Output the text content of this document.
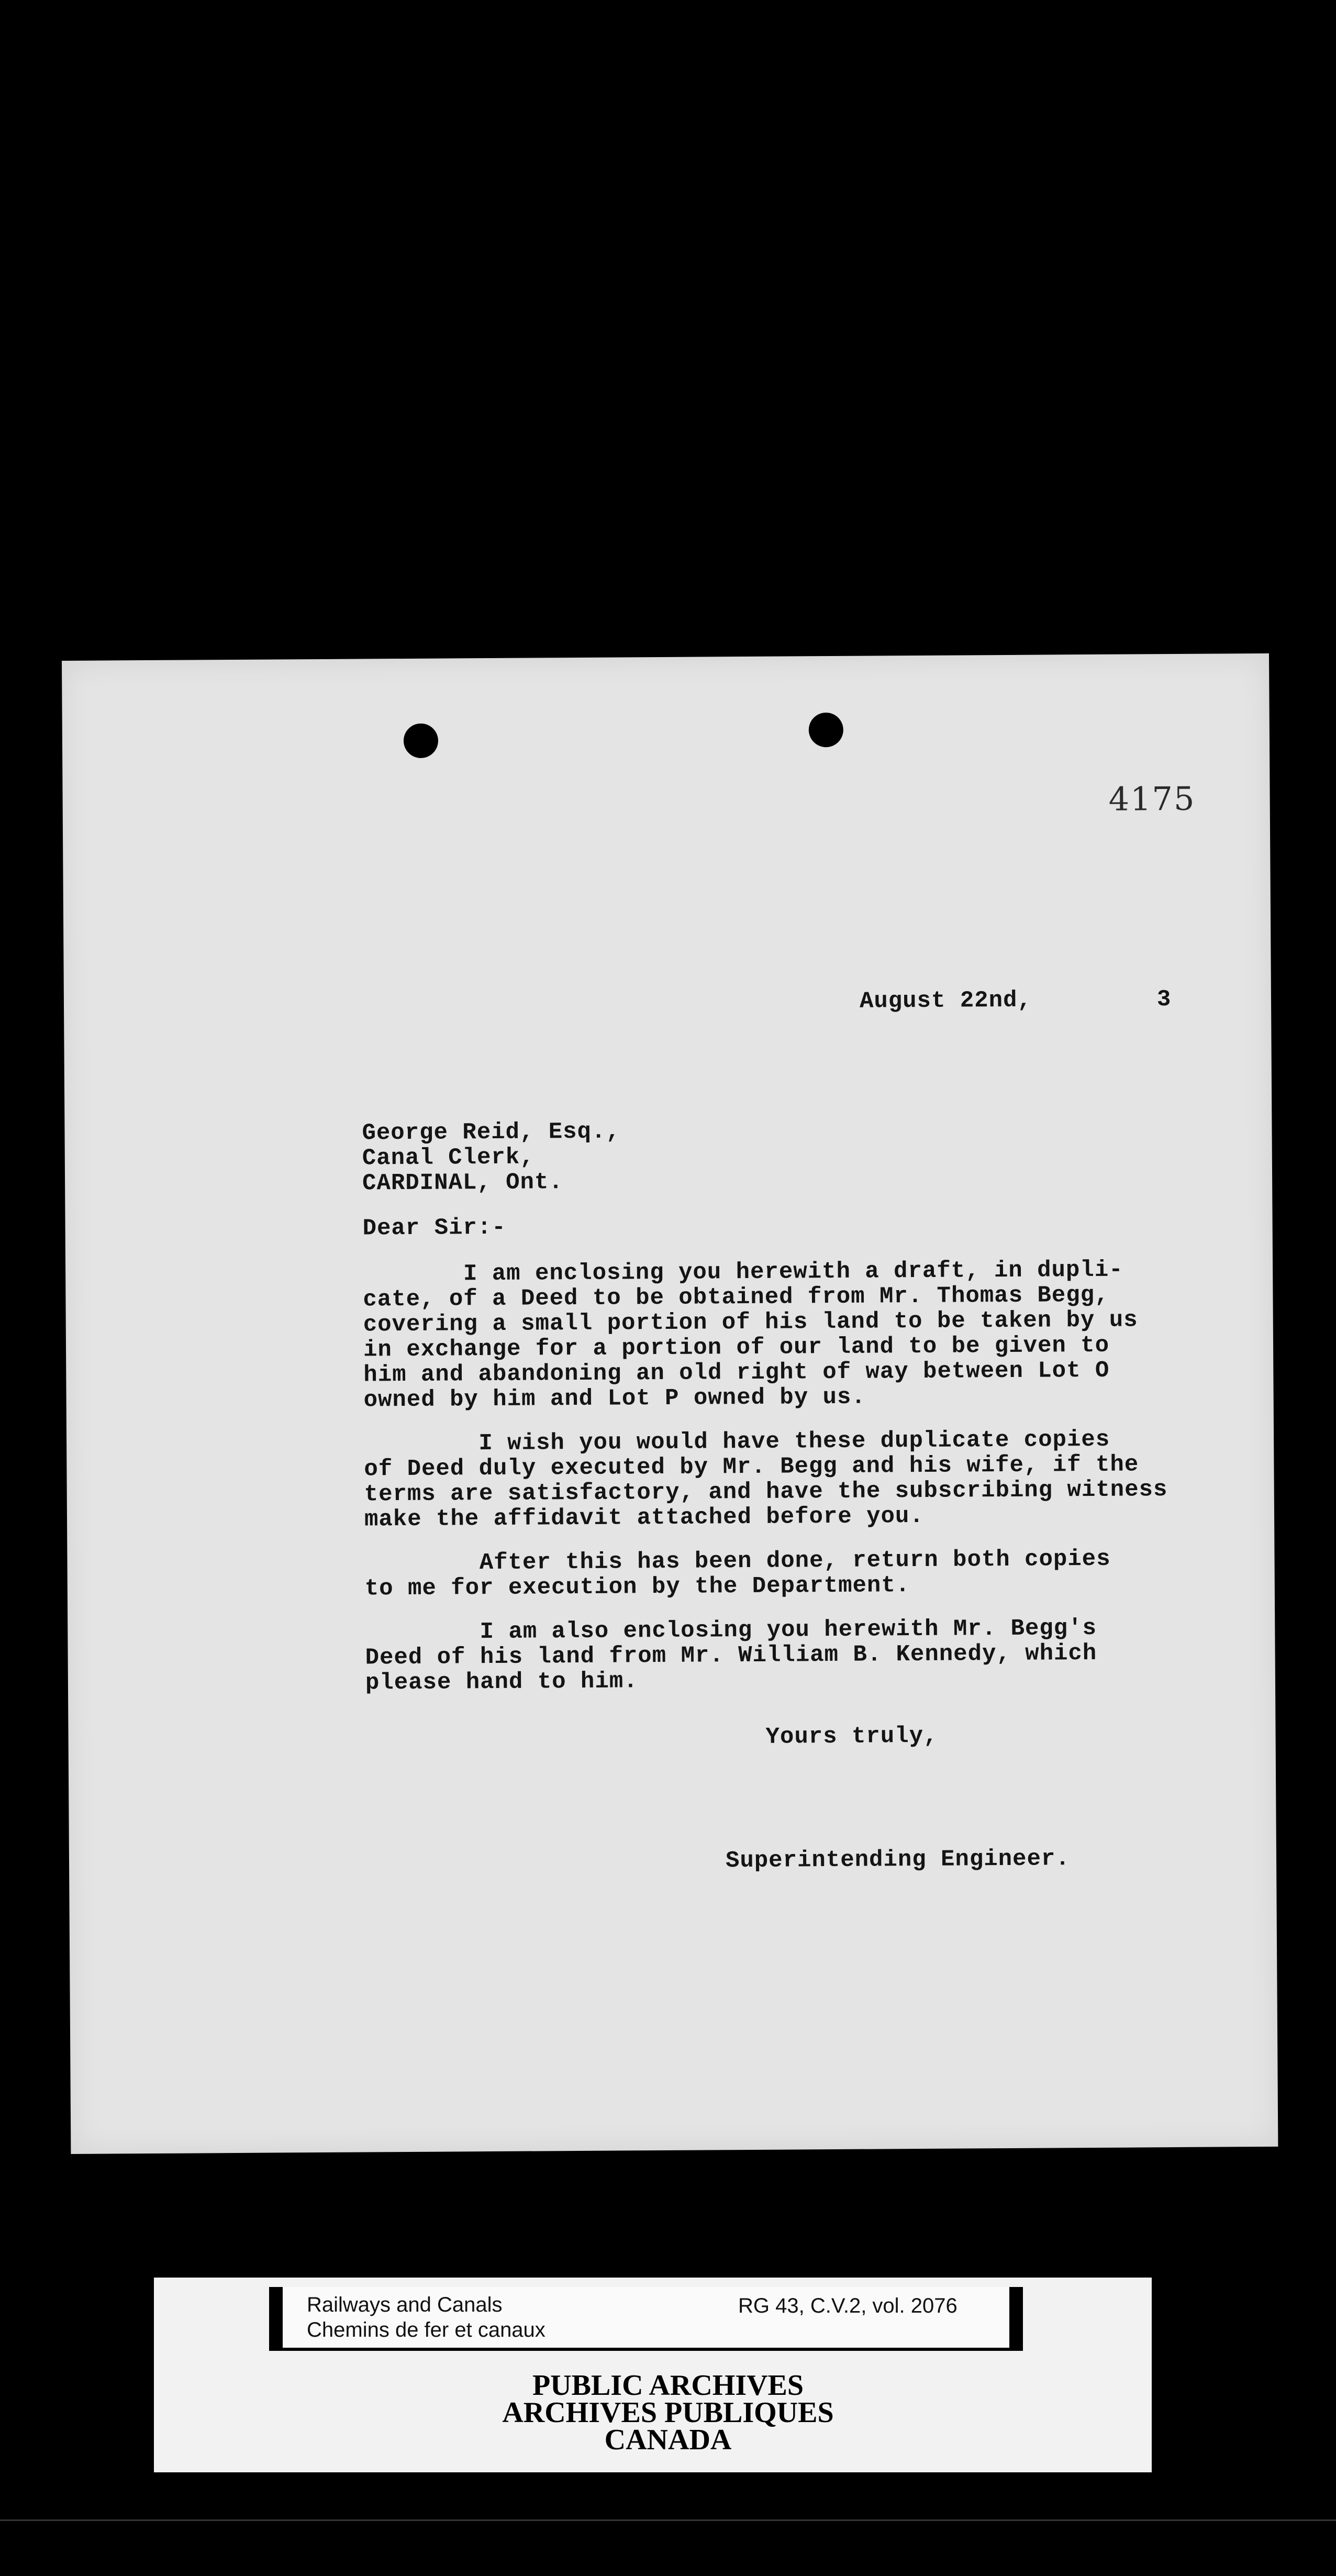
4175
August 22nd,	3
George Reid, Esq.,
Canal Clerk,
CARDINAL, Ont.
Dear Sir:-
I am enclosing you herewith a draft, in dupli-
cate, of a Deed to be obtained from Mr. Thomas Begg,
covering a small portion of his land to be taken by us
in exchange for a portion of our land to be given to
him and abandoning an old right of way between Lot O
owned by him and Lot P owned by us.
I wish you would have these duplicate copies
of Deed duly executed by Mr. Begg and his wife, if the
terms are satisfactory, and have the subscribing witness
make the affidavit attached before you.
After this has been done, return both copies
to me for execution by the Department.
I am also enclosing you herewith Mr. Begg's
Deed of his land from Mr. William B. Kennedy, which
please hand to him.
Yours truly,
Superintending Engineer.
Railways and Canals
Chemins de fer et canaux
RG 43, C.V.2, vol. 2076
PUBLIC ARCHIVES
ARCHIVES PUBLIQUES
CANADA
